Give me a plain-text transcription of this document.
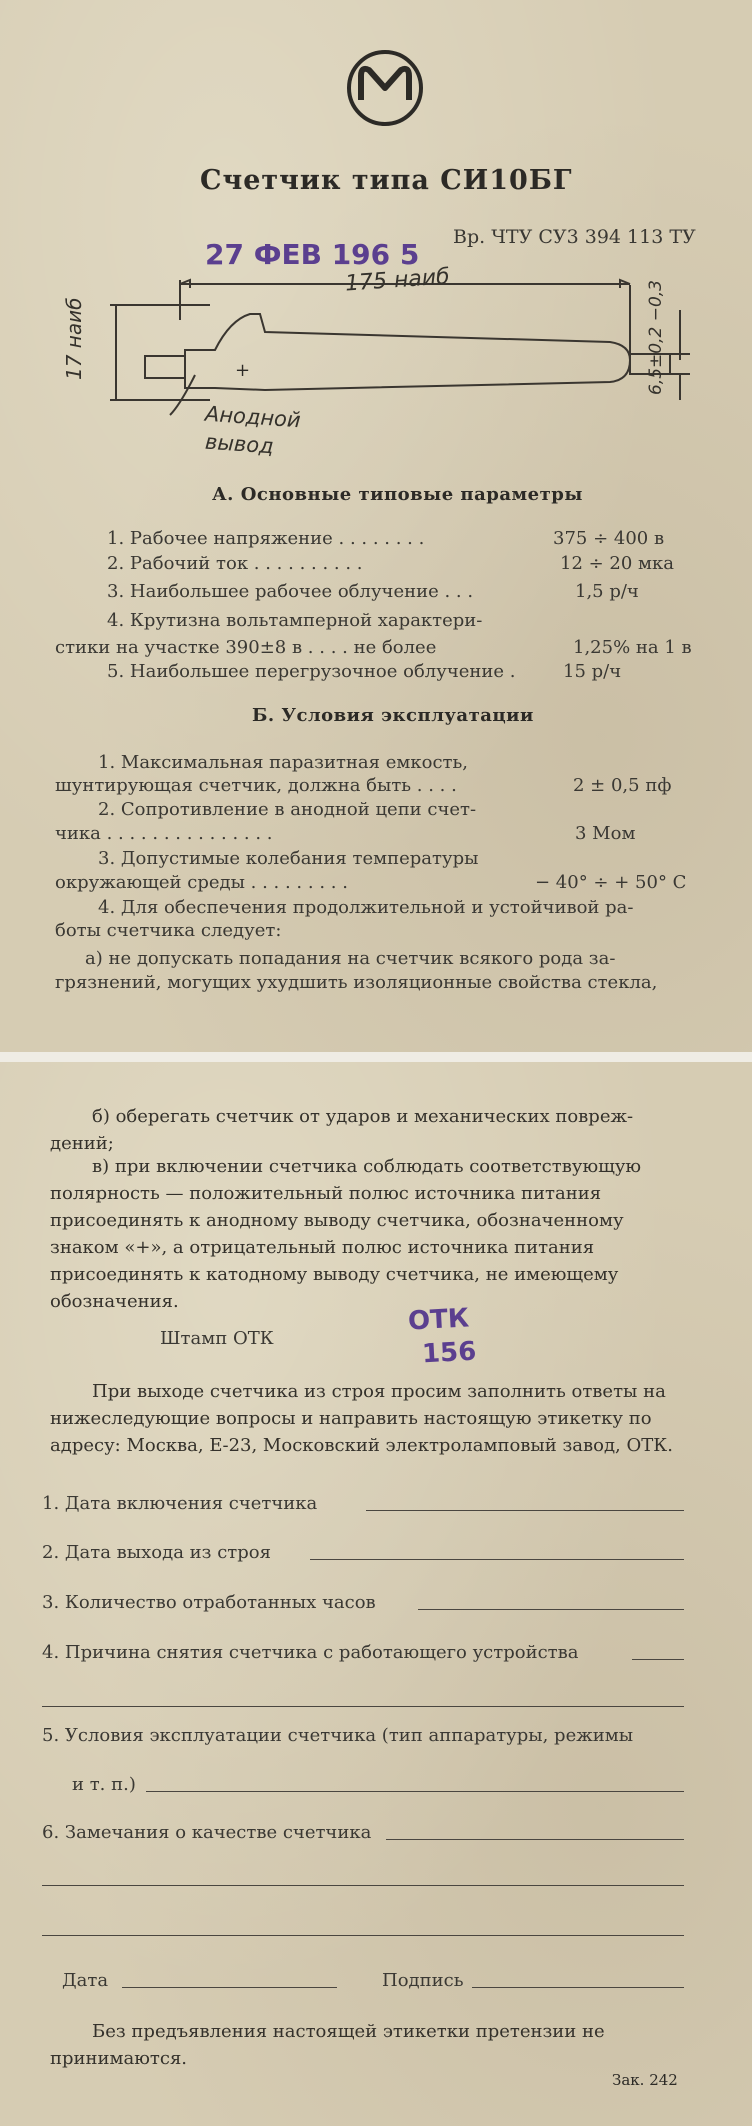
Счетчик типа СИ10БГ
Вр. ЧТУ СУ3 394 113 ТУ
27 ФЕВ 196 5
175 наиб
17 наиб	6,5±0,2 −0,3
+
Анодной
вывод
А. Основные типовые параметры
1. Рабочее напряжение . . . . . . . .	375 ÷ 400 в
2. Рабочий ток . . . . . . . . . .	12 ÷ 20 мка
3. Наибольшее рабочее облучение . . .	1,5 р/ч
4. Крутизна вольтамперной характери-
стики на участке 390±8 в . . . . не более	1,25% на 1 в
5. Наибольшее перегрузочное облучение .	15 р/ч
Б. Условия эксплуатации
1. Максимальная паразитная емкость,
шунтирующая счетчик, должна быть . . . .	2 ± 0,5 пф
2. Сопротивление в анодной цепи счет-
чика . . . . . . . . . . . . . . .	3 Мом
3. Допустимые колебания температуры
окружающей среды . . . . . . . . .	− 40° ÷ + 50° С
4. Для обеспечения продолжительной и устойчивой ра-
боты счетчика следует:
а) не допускать попадания на счетчик всякого рода за-
грязнений, могущих ухудшить изоляционные свойства стекла,
б) оберегать счетчик от ударов и механических повреж-дений;
в) при включении счетчика соблюдать соответствующую полярность — положительный полюс источника питания присоединять к анодному выводу счетчика, обозначенному знаком «+», а отрицательный полюс источника питания присоединять к катодному выводу счетчика, не имеющему обозначения.
Штамп ОТК
ОТК
156
При выходе счетчика из строя просим заполнить ответы на нижеследующие вопросы и направить настоящую этикетку по адресу: Москва, Е-23, Московский электроламповый завод, ОТК.
1. Дата включения счетчика
2. Дата выхода из строя
3. Количество отработанных часов
4. Причина снятия счетчика с работающего устройства
5. Условия эксплуатации счетчика (тип аппаратуры, режимы
и т. п.)
6. Замечания о качестве счетчика
Дата	Подпись
Без предъявления настоящей этикетки претензии не принимаются.
Зак. 242
